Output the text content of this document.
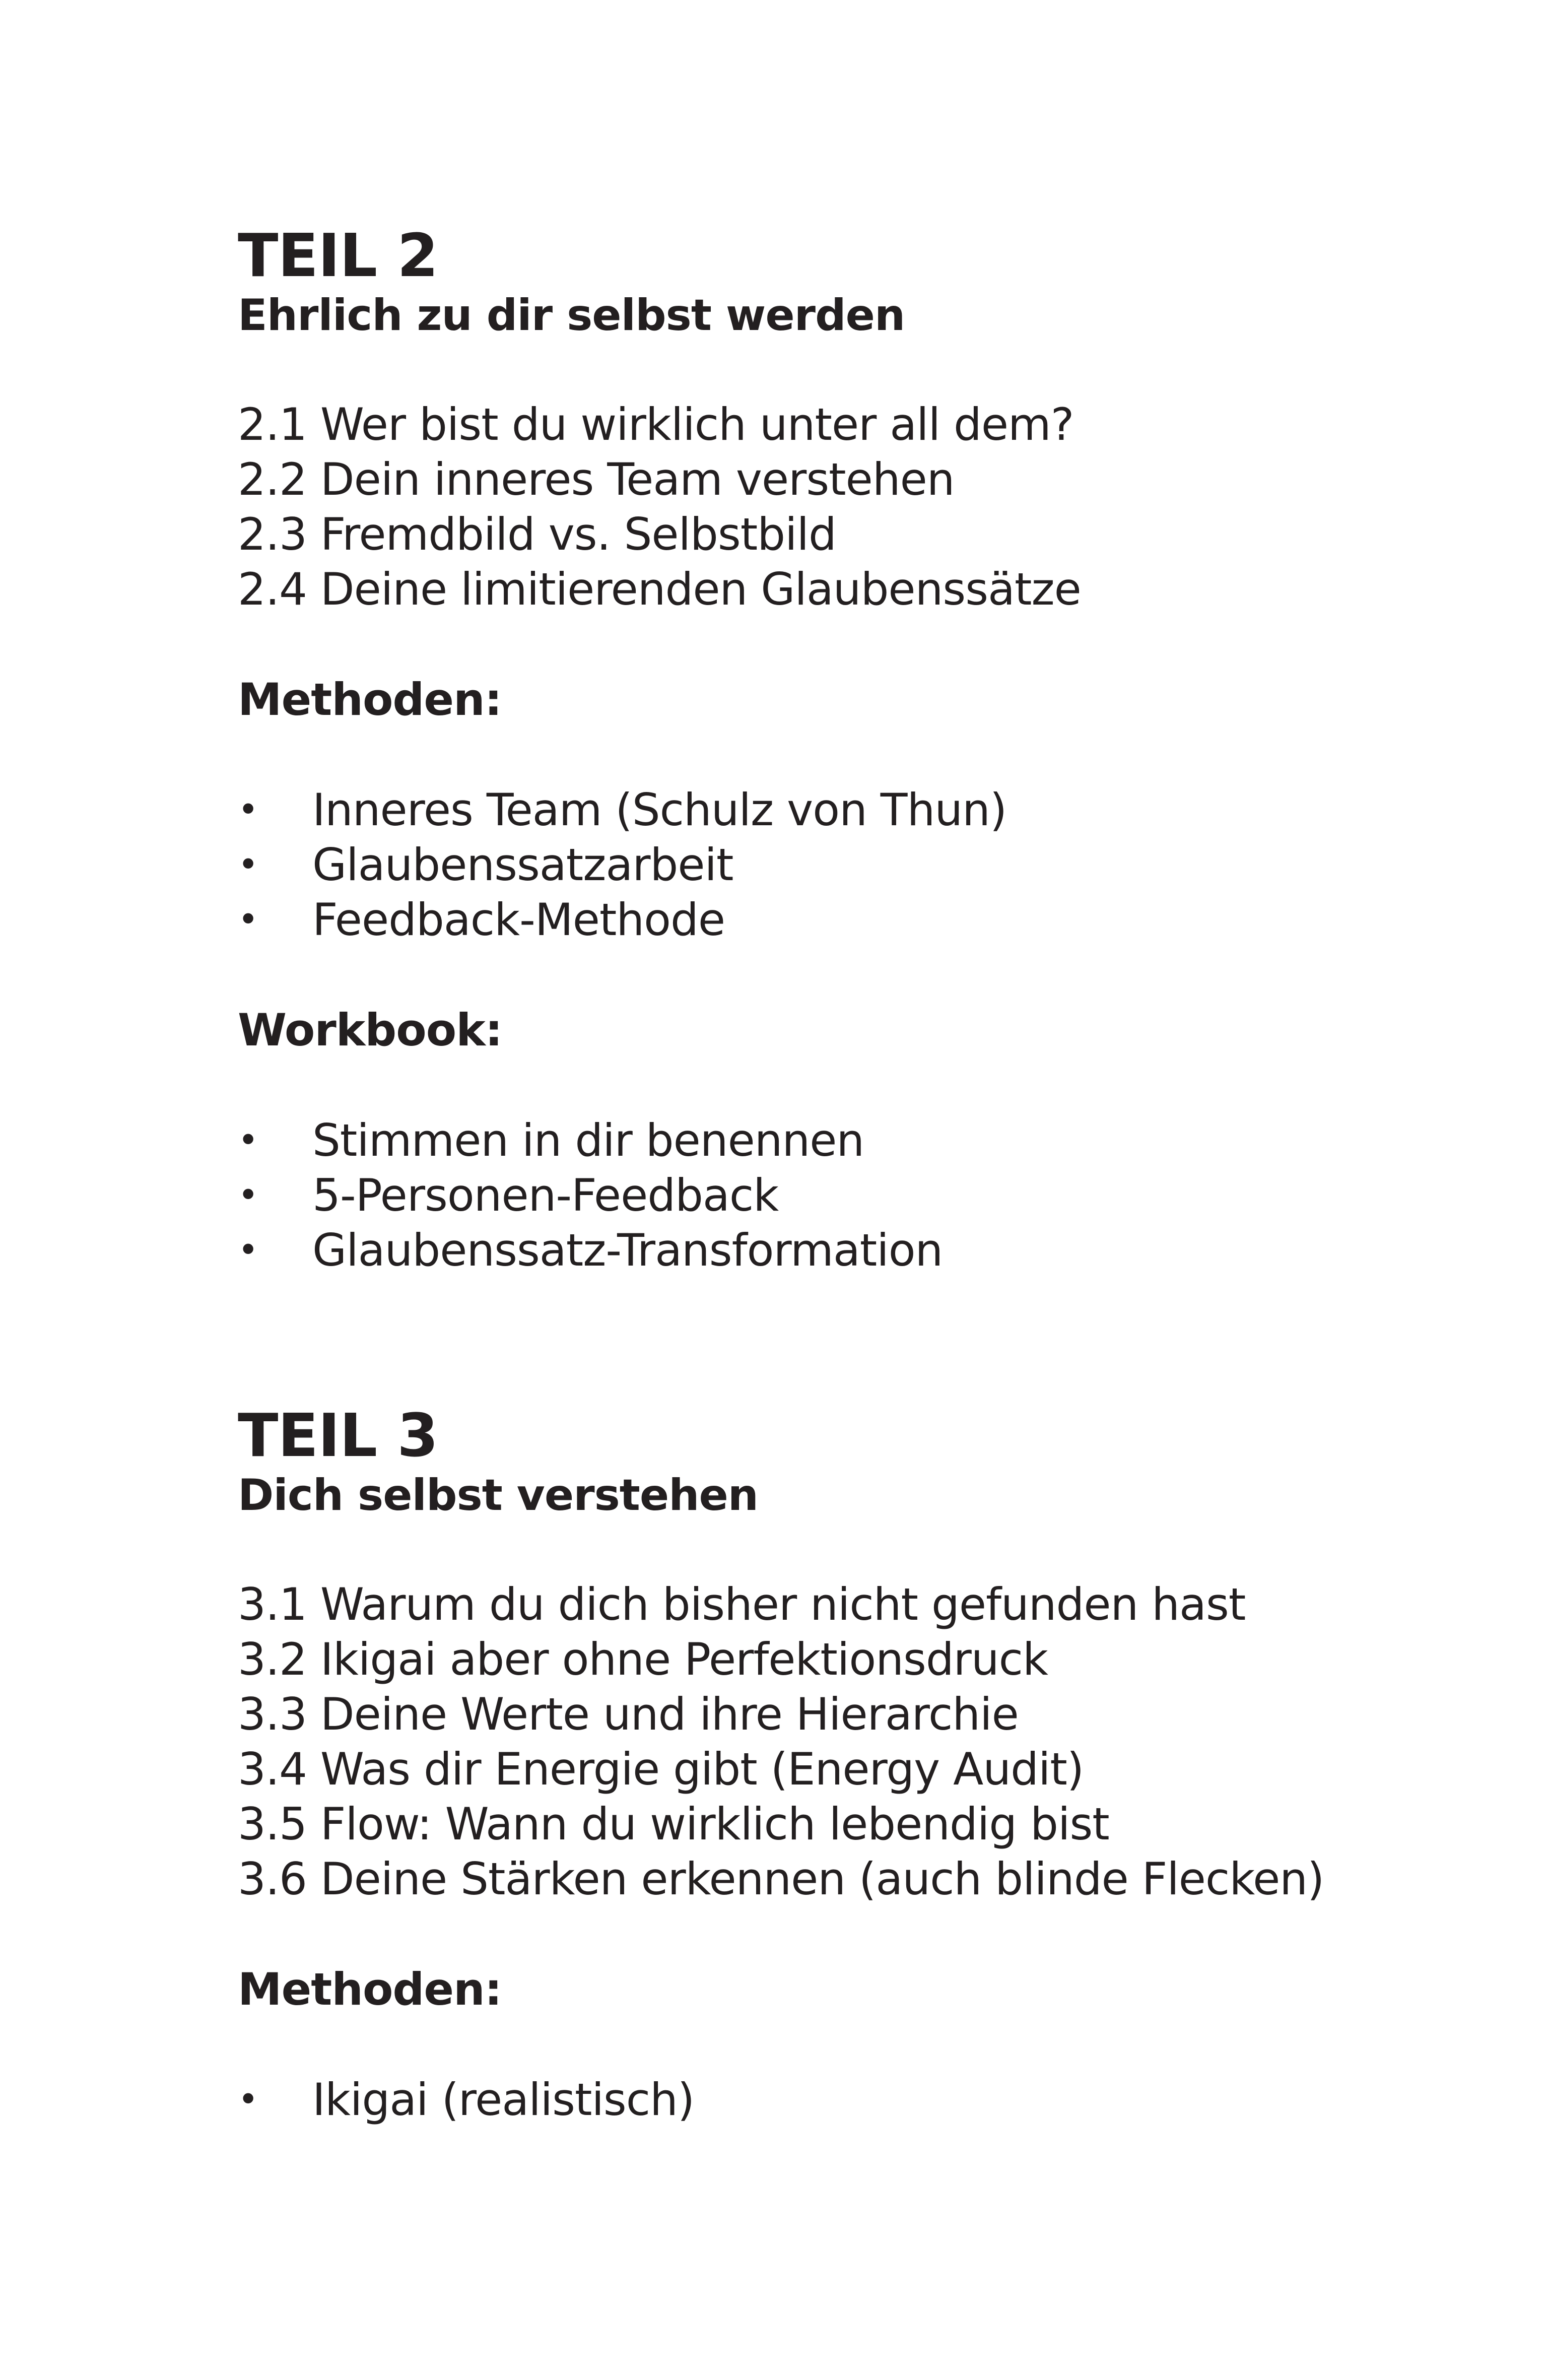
TEIL 2
Ehrlich zu dir selbst werden
2.1 Wer bist du wirklich unter all dem?
2.2 Dein inneres Team verstehen
2.3 Fremdbild vs. Selbstbild
2.4 Deine limitierenden Glaubenssätze
Methoden:
• Inneres Team (Schulz von Thun)
• Glaubenssatzarbeit
• Feedback-Methode
Workbook:
• Stimmen in dir benennen
• 5-Personen-Feedback
• Glaubenssatz-Transformation
TEIL 3
Dich selbst verstehen
3.1 Warum du dich bisher nicht gefunden hast
3.2 Ikigai aber ohne Perfektionsdruck
3.3 Deine Werte und ihre Hierarchie
3.4 Was dir Energie gibt (Energy Audit)
3.5 Flow: Wann du wirklich lebendig bist
3.6 Deine Stärken erkennen (auch blinde Flecken)
Methoden:
• Ikigai (realistisch)
